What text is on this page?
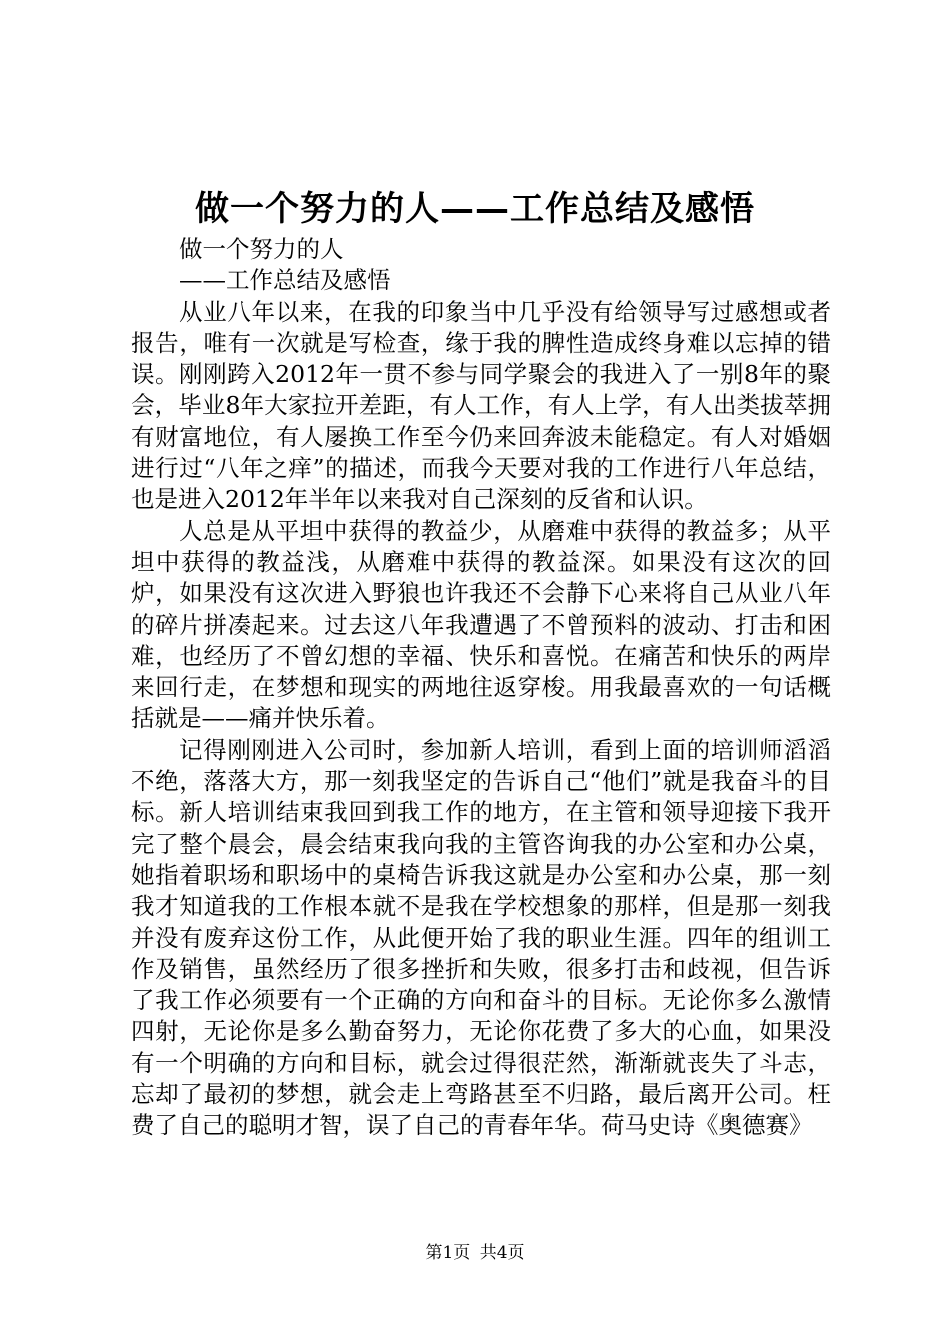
做一个努力的人——工作总结及感悟

做一个努力的人

——工作总结及感悟

从业八年以来，在我的印象当中几乎没有给领导写过感想或者报告，唯有一次就是写检查，缘于我的脾性造成终身难以忘掉的错误。刚刚跨入2012年一贯不参与同学聚会的我进入了一别8年的聚会，毕业8年大家拉开差距，有人工作，有人上学，有人出类拔萃拥有财富地位，有人屡换工作至今仍来回奔波未能稳定。有人对婚姻进行过“八年之痒”的描述，而我今天要对我的工作进行八年总结，也是进入2012年半年以来我对自己深刻的反省和认识。

人总是从平坦中获得的教益少，从磨难中获得的教益多；从平坦中获得的教益浅，从磨难中获得的教益深。如果没有这次的回炉，如果没有这次进入野狼也许我还不会静下心来将自己从业八年的碎片拼凑起来。过去这八年我遭遇了不曾预料的波动、打击和困难，也经历了不曾幻想的幸福、快乐和喜悦。在痛苦和快乐的两岸来回行走，在梦想和现实的两地往返穿梭。用我最喜欢的一句话概括就是——痛并快乐着。

记得刚刚进入公司时，参加新人培训，看到上面的培训师滔滔不绝，落落大方，那一刻我坚定的告诉自己“他们”就是我奋斗的目标。新人培训结束我回到我工作的地方，在主管和领导迎接下我开完了整个晨会，晨会结束我向我的主管咨询我的办公室和办公桌，她指着职场和职场中的桌椅告诉我这就是办公室和办公桌，那一刻我才知道我的工作根本就不是我在学校想象的那样，但是那一刻我并没有废弃这份工作，从此便开始了我的职业生涯。四年的组训工作及销售，虽然经历了很多挫折和失败，很多打击和歧视，但告诉了我工作必须要有一个正确的方向和奋斗的目标。无论你多么激情四射，无论你是多么勤奋努力，无论你花费了多大的心血，如果没有一个明确的方向和目标，就会过得很茫然，渐渐就丧失了斗志，忘却了最初的梦想，就会走上弯路甚至不归路，最后离开公司。枉费了自己的聪明才智，误了自己的青春年华。荷马史诗《奥德赛》

第1页 共4页
